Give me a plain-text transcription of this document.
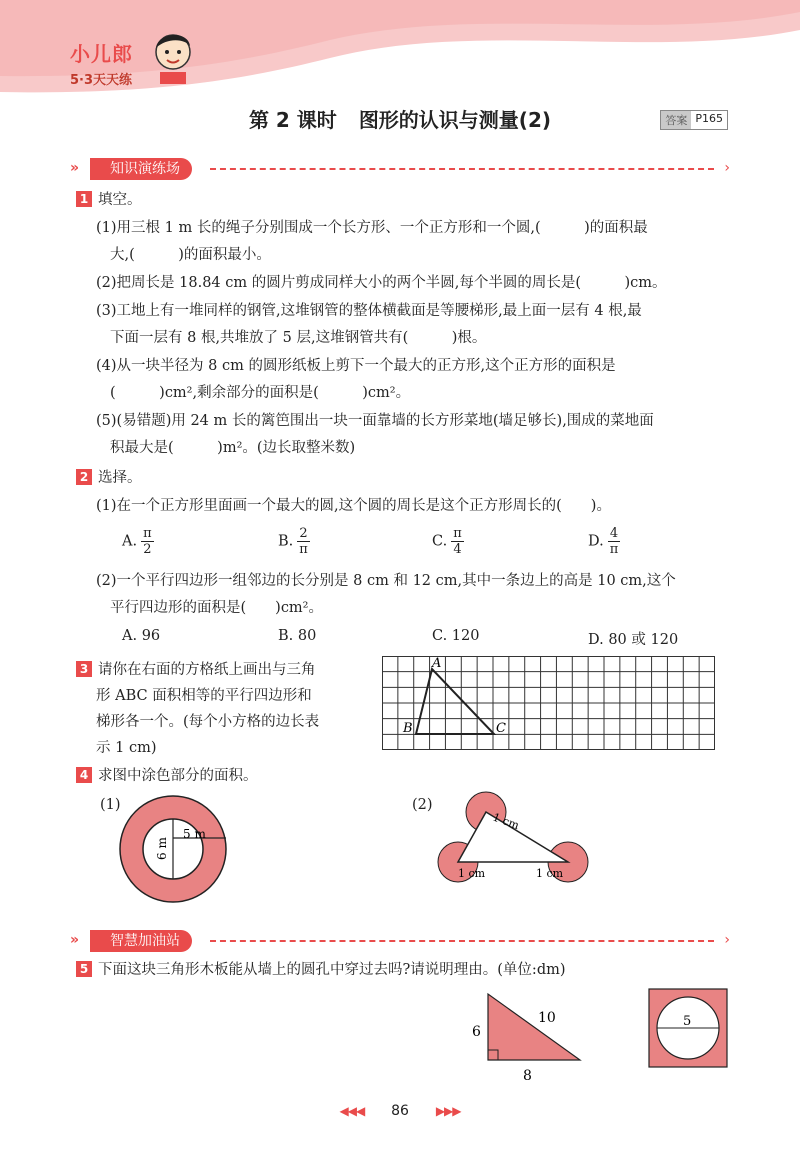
小儿郎
5·3天天练
第 2 课时 图形的认识与测量(2)	答案 P165
»	知识演练场	›
1 填空。
(1)用三根 1 m 长的绳子分别围成一个长方形、一个正方形和一个圆,(　　　)的面积最
大,(　　　)的面积最小。
(2)把周长是 18.84 cm 的圆片剪成同样大小的两个半圆,每个半圆的周长是(　　　)cm。
(3)工地上有一堆同样的钢管,这堆钢管的整体横截面是等腰梯形,最上面一层有 4 根,最
下面一层有 8 根,共堆放了 5 层,这堆钢管共有(　　　)根。
(4)从一块半径为 8 cm 的圆形纸板上剪下一个最大的正方形,这个正方形的面积是
(　　　)cm²,剩余部分的面积是(　　　)cm²。
(5)(易错题)用 24 m 长的篱笆围出一块一面靠墙的长方形菜地(墙足够长),围成的菜地面
积最大是(　　　)m²。(边长取整米数)
2 选择。
(1)在一个正方形里面画一个最大的圆,这个圆的周长是这个正方形周长的(　　)。
A. $\frac{\pi}{2}$	B. $\frac{2}{\pi}$	C. $\frac{\pi}{4}$	D. $\frac{4}{\pi}$
(2)一个平行四边形一组邻边的长分别是 8 cm 和 12 cm,其中一条边上的高是 10 cm,这个
平行四边形的面积是(　　)cm²。
A. 96	B. 80	C. 120	D. 80 或 120
3 请你在右面的方格纸上画出与三角
形 ABC 面积相等的平行四边形和
梯形各一个。(每个小方格的边长表
示 1 cm)
A
B	C
4 求图中涂色部分的面积。
(1)
6 m
5 m
(2)
1 cm
1 cm	1 cm
»	智慧加油站	›
5 下面这块三角形木板能从墙上的圆孔中穿过去吗?请说明理由。(单位:dm)
6
10
8
5
◀◀◀ 86 ▶▶▶
